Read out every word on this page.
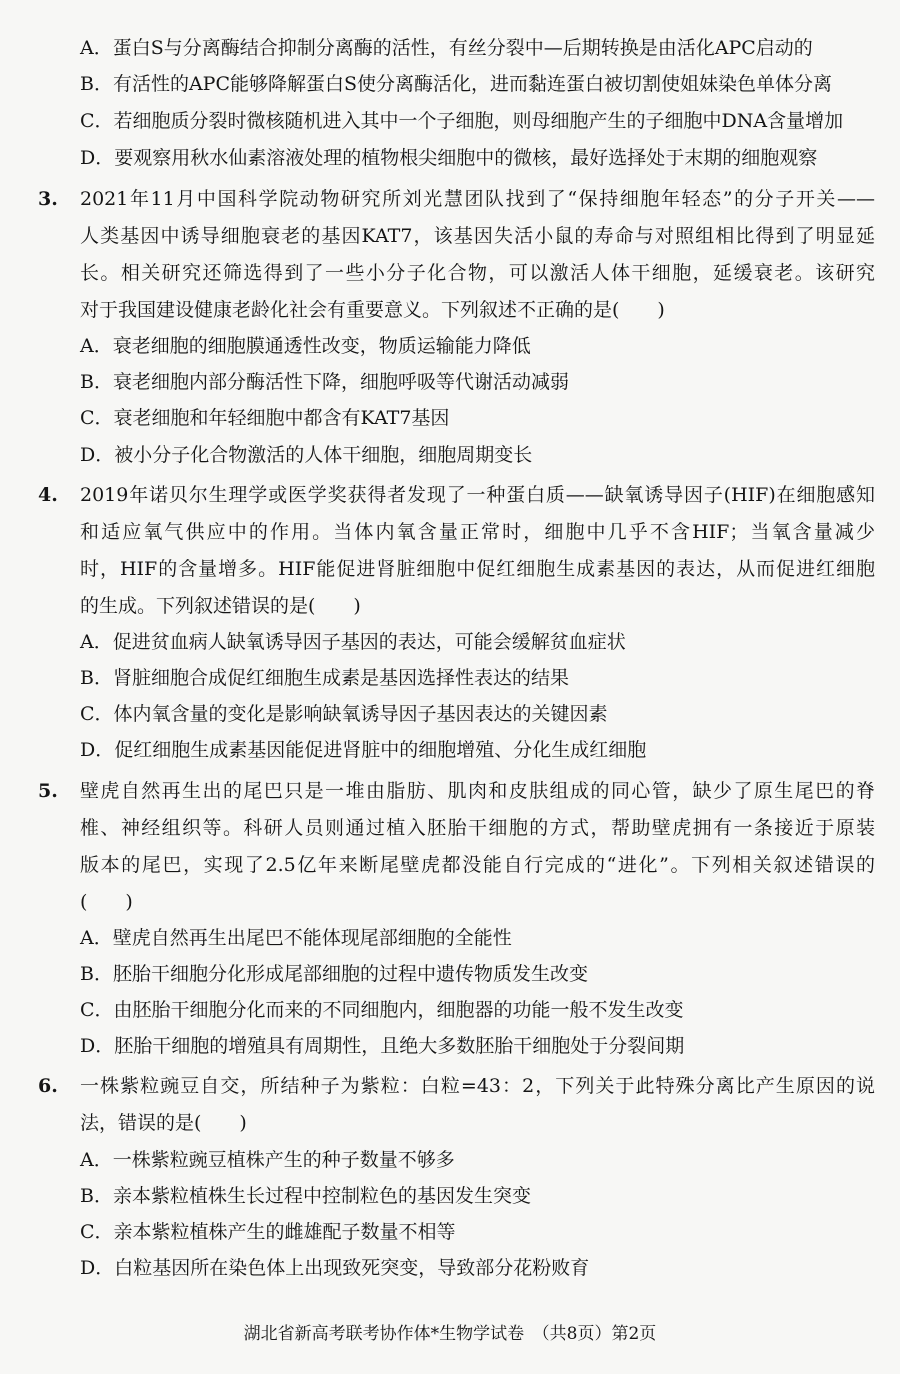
A．蛋白S与分离酶结合抑制分离酶的活性，有丝分裂中—后期转换是由活化APC启动的
B．有活性的APC能够降解蛋白S使分离酶活化，进而黏连蛋白被切割使姐妹染色单体分离
C．若细胞质分裂时微核随机进入其中一个子细胞，则母细胞产生的子细胞中DNA含量增加
D．要观察用秋水仙素溶液处理的植物根尖细胞中的微核，最好选择处于末期的细胞观察
3.	2021年11月中国科学院动物研究所刘光慧团队找到了“保持细胞年轻态”的分子开关——
人类基因中诱导细胞衰老的基因KAT7，该基因失活小鼠的寿命与对照组相比得到了明显延
长。相关研究还筛选得到了一些小分子化合物，可以激活人体干细胞，延缓衰老。该研究
对于我国建设健康老龄化社会有重要意义。下列叙述不正确的是(　　)
A．衰老细胞的细胞膜通透性改变，物质运输能力降低
B．衰老细胞内部分酶活性下降，细胞呼吸等代谢活动减弱
C．衰老细胞和年轻细胞中都含有KAT7基因
D．被小分子化合物激活的人体干细胞，细胞周期变长
4.	2019年诺贝尔生理学或医学奖获得者发现了一种蛋白质——缺氧诱导因子(HIF)在细胞感知
和适应氧气供应中的作用。当体内氧含量正常时，细胞中几乎不含HIF；当氧含量减少
时，HIF的含量增多。HIF能促进肾脏细胞中促红细胞生成素基因的表达，从而促进红细胞
的生成。下列叙述错误的是(　　)
A．促进贫血病人缺氧诱导因子基因的表达，可能会缓解贫血症状
B．肾脏细胞合成促红细胞生成素是基因选择性表达的结果
C．体内氧含量的变化是影响缺氧诱导因子基因表达的关键因素
D．促红细胞生成素基因能促进肾脏中的细胞增殖、分化生成红细胞
5.	壁虎自然再生出的尾巴只是一堆由脂肪、肌肉和皮肤组成的同心管，缺少了原生尾巴的脊
椎、神经组织等。科研人员则通过植入胚胎干细胞的方式，帮助壁虎拥有一条接近于原装
版本的尾巴，实现了2.5亿年来断尾壁虎都没能自行完成的“进化”。下列相关叙述错误的
(　　)
A．壁虎自然再生出尾巴不能体现尾部细胞的全能性
B．胚胎干细胞分化形成尾部细胞的过程中遗传物质发生改变
C．由胚胎干细胞分化而来的不同细胞内，细胞器的功能一般不发生改变
D．胚胎干细胞的增殖具有周期性，且绝大多数胚胎干细胞处于分裂间期
6.	一株紫粒豌豆自交，所结种子为紫粒：白粒=43：2，下列关于此特殊分离比产生原因的说
法，错误的是(　　)
A．一株紫粒豌豆植株产生的种子数量不够多
B．亲本紫粒植株生长过程中控制粒色的基因发生突变
C．亲本紫粒植株产生的雌雄配子数量不相等
D．白粒基因所在染色体上出现致死突变，导致部分花粉败育
湖北省新高考联考协作体*生物学试卷　（共8页）第2页
